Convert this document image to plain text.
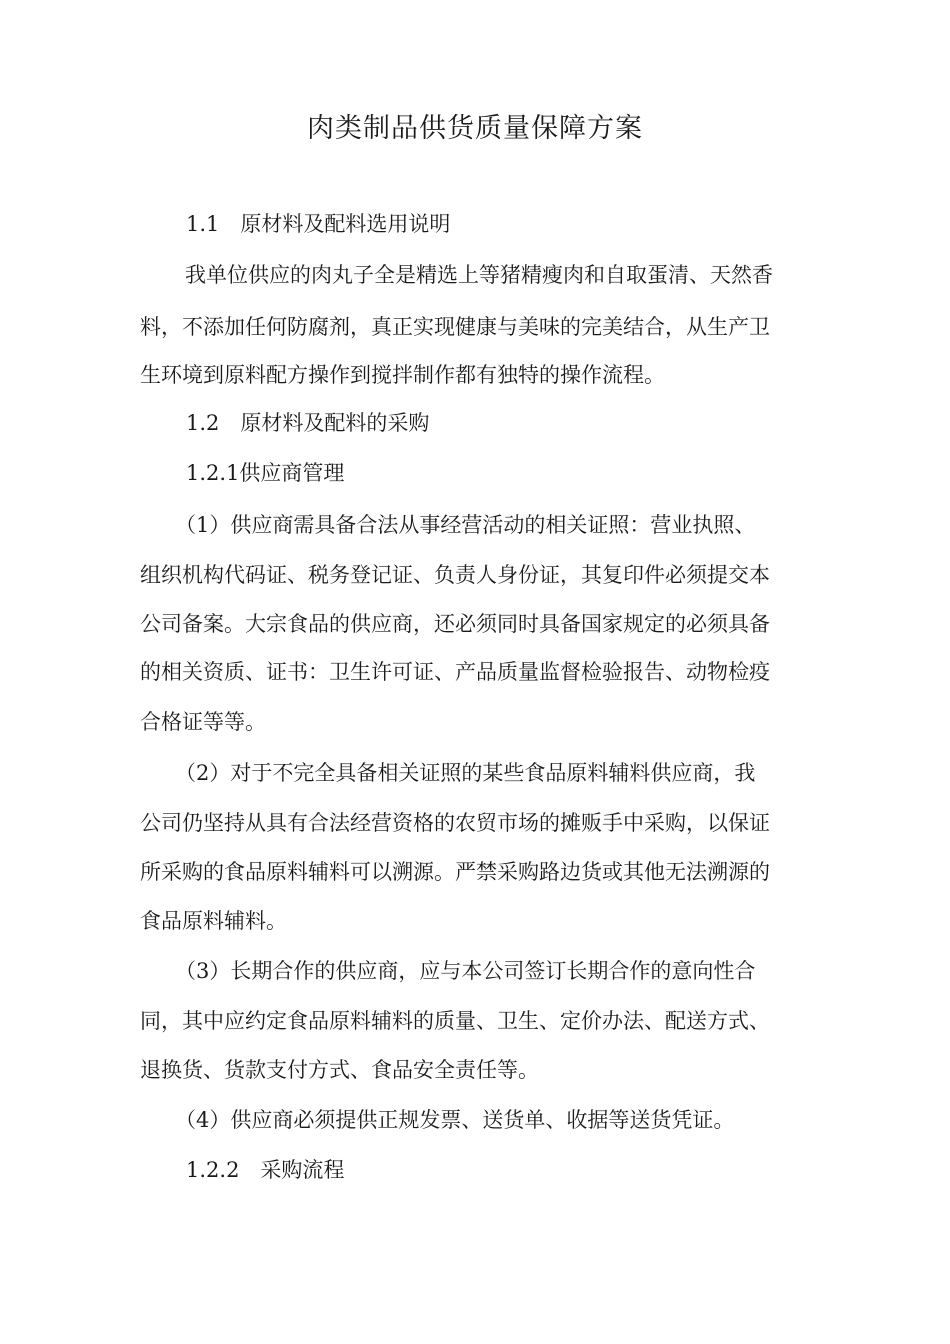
肉类制品供货质量保障方案
1.1　原材料及配料选用说明
我单位供应的肉丸子全是精选上等猪精瘦肉和自取蛋清、天然香
料，不添加任何防腐剂，真正实现健康与美味的完美结合，从生产卫
生环境到原料配方操作到搅拌制作都有独特的操作流程。
1.2　原材料及配料的采购
1.2.1供应商管理
（1）供应商需具备合法从事经营活动的相关证照：营业执照、
组织机构代码证、税务登记证、负责人身份证，其复印件必须提交本
公司备案。大宗食品的供应商，还必须同时具备国家规定的必须具备
的相关资质、证书：卫生许可证、产品质量监督检验报告、动物检疫
合格证等等。
（2）对于不完全具备相关证照的某些食品原料辅料供应商，我
公司仍坚持从具有合法经营资格的农贸市场的摊贩手中采购，以保证
所采购的食品原料辅料可以溯源。严禁采购路边货或其他无法溯源的
食品原料辅料。
（3）长期合作的供应商，应与本公司签订长期合作的意向性合
同，其中应约定食品原料辅料的质量、卫生、定价办法、配送方式、
退换货、货款支付方式、食品安全责任等。
（4）供应商必须提供正规发票、送货单、收据等送货凭证。
1.2.2　采购流程
